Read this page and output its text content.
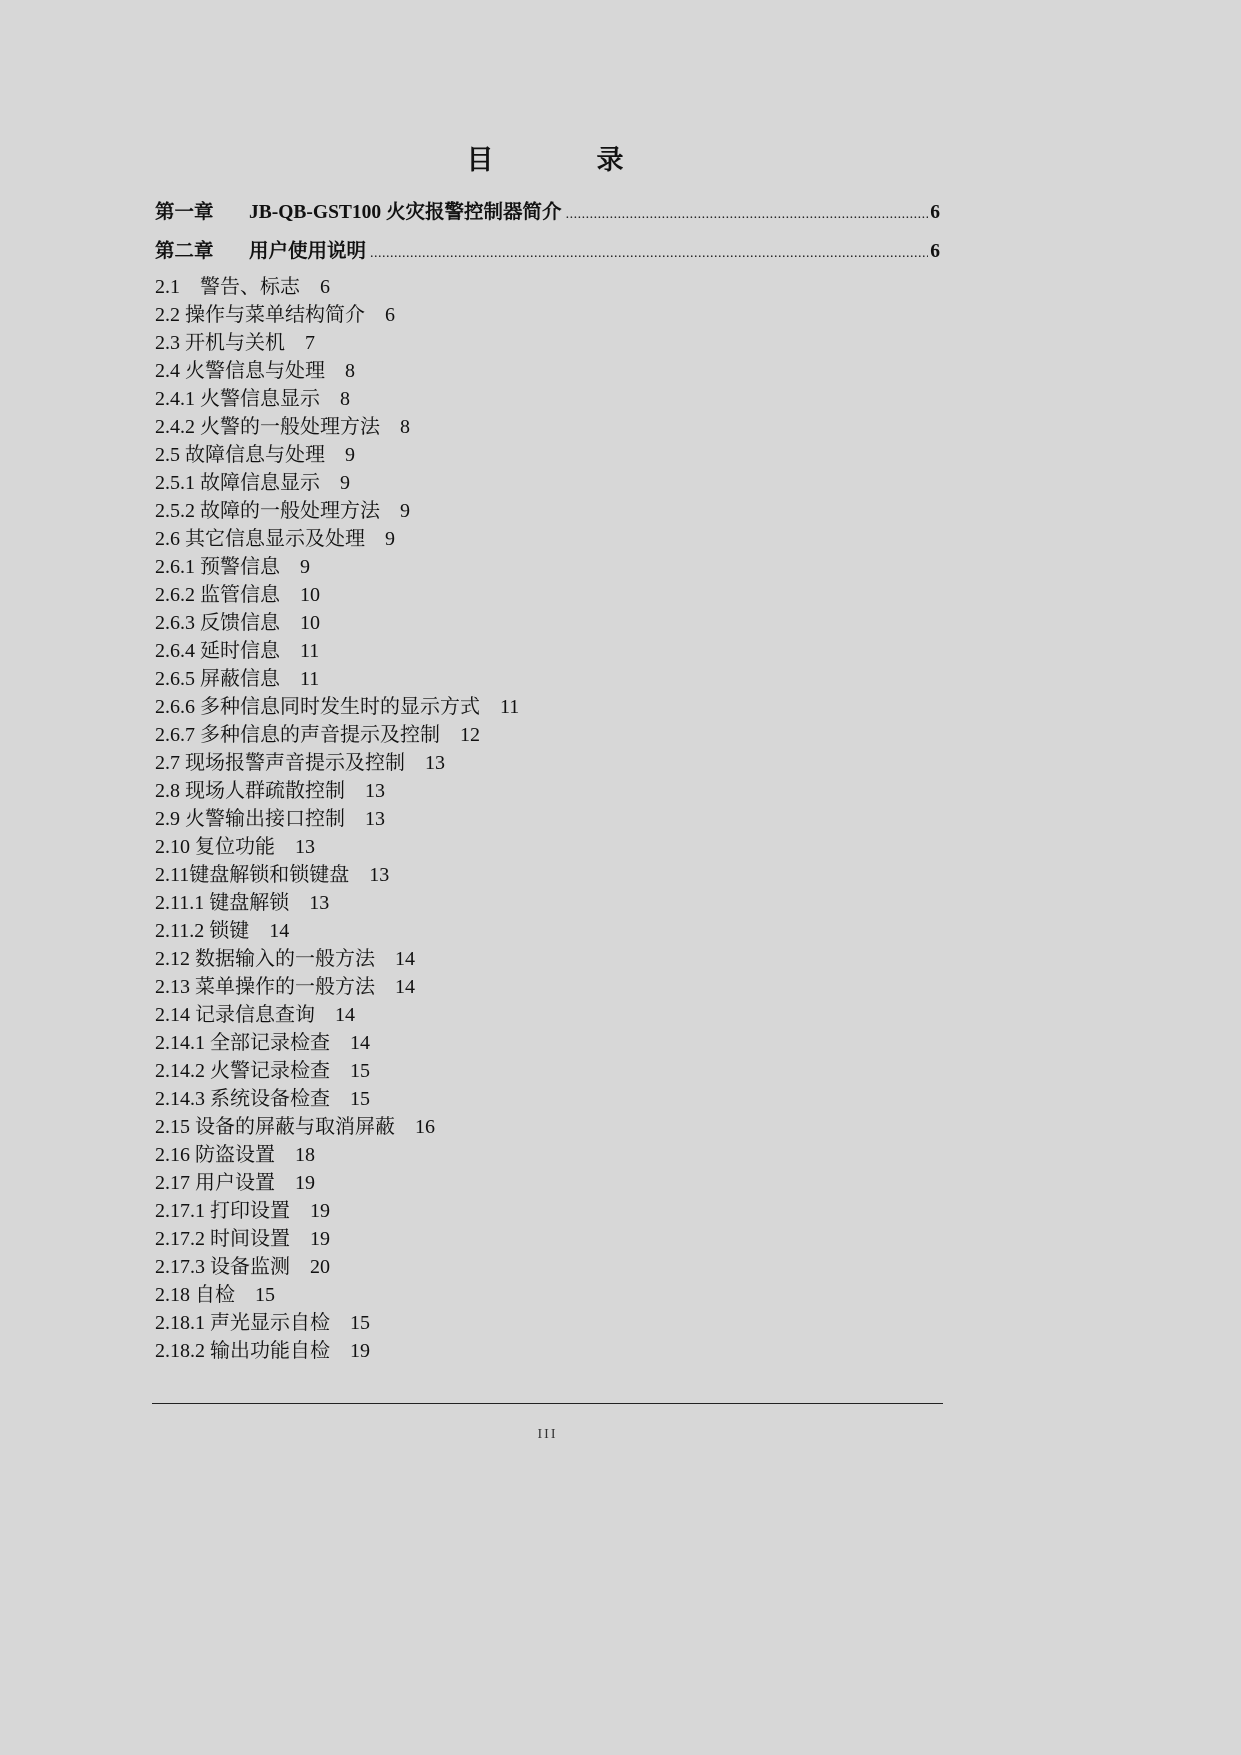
目　录
第一章	JB-QB-GST100 火灾报警控制器简介 .....	6
第二章	用户使用说明 .....	6
2.1　警告、标志 6
2.2 操作与菜单结构简介 6
2.3 开机与关机 7
2.4 火警信息与处理 8
2.4.1 火警信息显示 8
2.4.2 火警的一般处理方法 8
2.5 故障信息与处理 9
2.5.1 故障信息显示 9
2.5.2 故障的一般处理方法 9
2.6 其它信息显示及处理 9
2.6.1 预警信息 9
2.6.2 监管信息 10
2.6.3 反馈信息 10
2.6.4 延时信息 11
2.6.5 屏蔽信息 11
2.6.6 多种信息同时发生时的显示方式 11
2.6.7 多种信息的声音提示及控制 12
2.7 现场报警声音提示及控制 13
2.8 现场人群疏散控制 13
2.9 火警输出接口控制 13
2.10 复位功能 13
2.11键盘解锁和锁键盘 13
2.11.1 键盘解锁 13
2.11.2 锁键 14
2.12 数据输入的一般方法 14
2.13 菜单操作的一般方法 14
2.14 记录信息查询 14
2.14.1 全部记录检查 14
2.14.2 火警记录检查 15
2.14.3 系统设备检查 15
2.15 设备的屏蔽与取消屏蔽 16
2.16 防盗设置 18
2.17 用户设置 19
2.17.1 打印设置 19
2.17.2 时间设置 19
2.17.3 设备监测 20
2.18 自检 15
2.18.1 声光显示自检 15
2.18.2 输出功能自检 19
III
